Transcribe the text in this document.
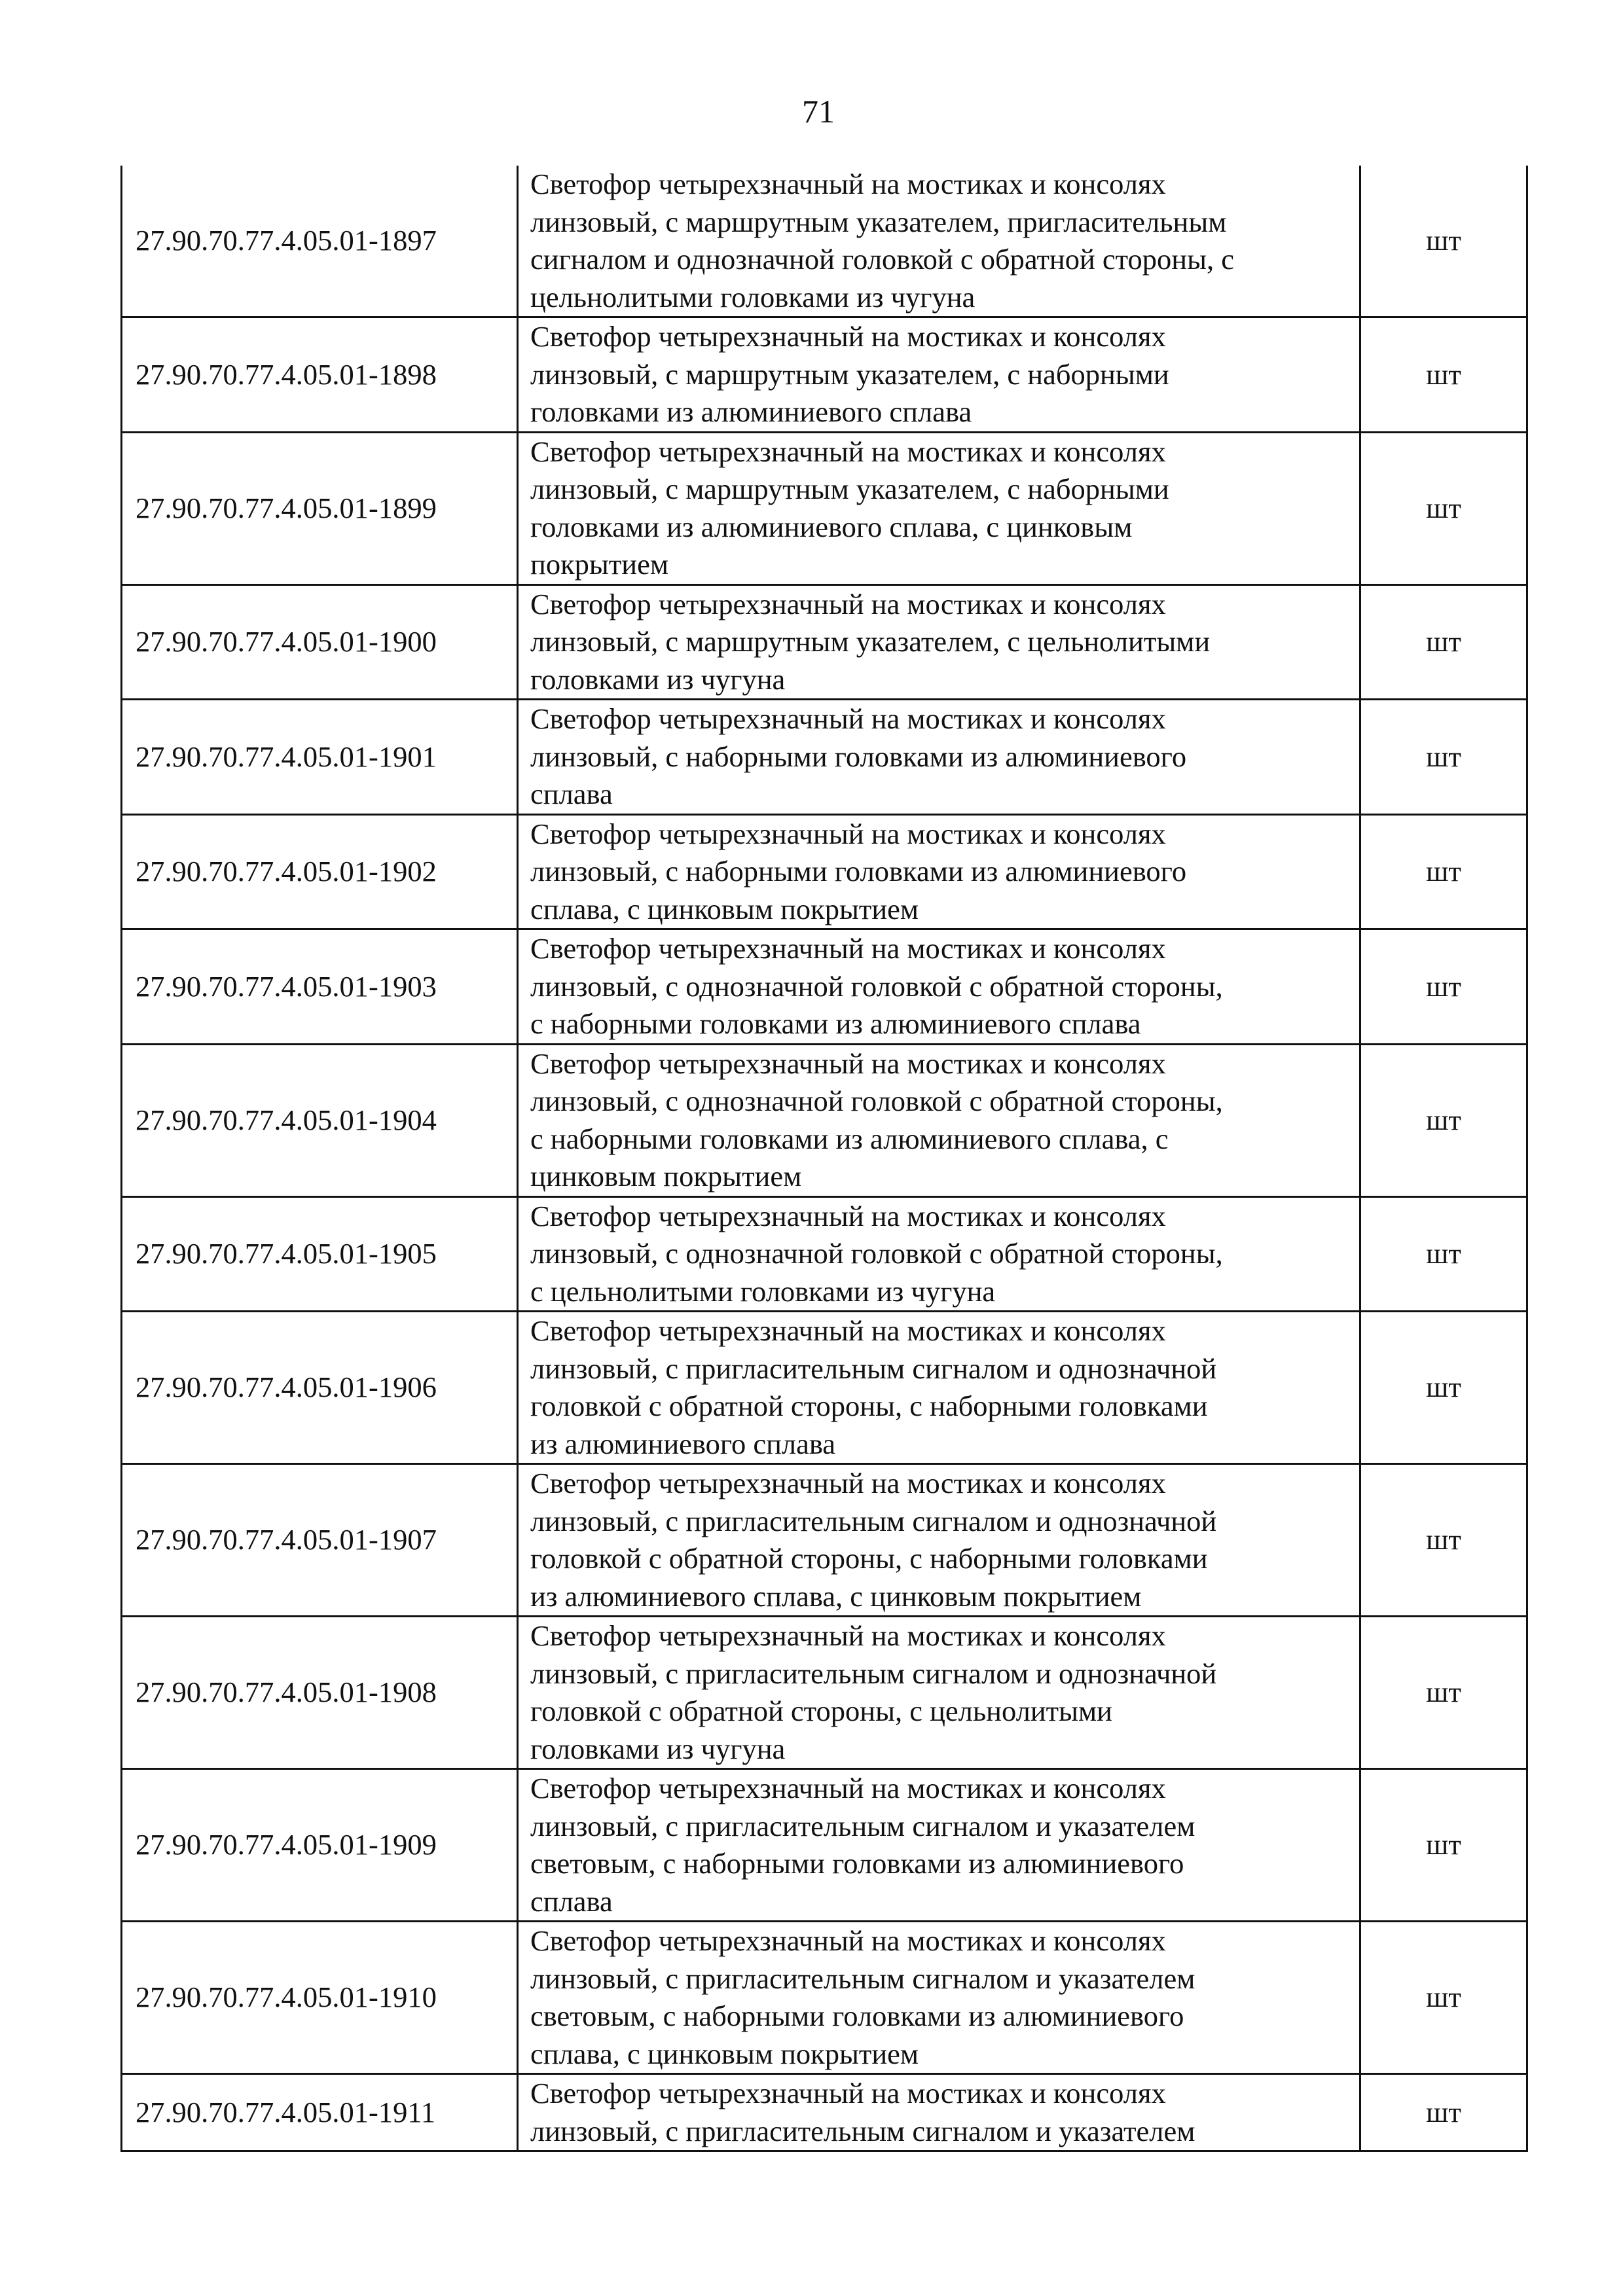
71
27.90.70.77.4.05.01-1897	Светофор четырехзначный на мостиках и консолях
линзовый, с маршрутным указателем, пригласительным
сигналом и однозначной головкой с обратной стороны, с
цельнолитыми головками из чугуна	шт
27.90.70.77.4.05.01-1898	Светофор четырехзначный на мостиках и консолях
линзовый, с маршрутным указателем, с наборными
головками из алюминиевого сплава	шт
27.90.70.77.4.05.01-1899	Светофор четырехзначный на мостиках и консолях
линзовый, с маршрутным указателем, с наборными
головками из алюминиевого сплава, с цинковым
покрытием	шт
27.90.70.77.4.05.01-1900	Светофор четырехзначный на мостиках и консолях
линзовый, с маршрутным указателем, с цельнолитыми
головками из чугуна	шт
27.90.70.77.4.05.01-1901	Светофор четырехзначный на мостиках и консолях
линзовый, с наборными головками из алюминиевого
сплава	шт
27.90.70.77.4.05.01-1902	Светофор четырехзначный на мостиках и консолях
линзовый, с наборными головками из алюминиевого
сплава, с цинковым покрытием	шт
27.90.70.77.4.05.01-1903	Светофор четырехзначный на мостиках и консолях
линзовый, с однозначной головкой с обратной стороны,
с наборными головками из алюминиевого сплава	шт
27.90.70.77.4.05.01-1904	Светофор четырехзначный на мостиках и консолях
линзовый, с однозначной головкой с обратной стороны,
с наборными головками из алюминиевого сплава, с
цинковым покрытием	шт
27.90.70.77.4.05.01-1905	Светофор четырехзначный на мостиках и консолях
линзовый, с однозначной головкой с обратной стороны,
с цельнолитыми головками из чугуна	шт
27.90.70.77.4.05.01-1906	Светофор четырехзначный на мостиках и консолях
линзовый, с пригласительным сигналом и однозначной
головкой с обратной стороны, с наборными головками
из алюминиевого сплава	шт
27.90.70.77.4.05.01-1907	Светофор четырехзначный на мостиках и консолях
линзовый, с пригласительным сигналом и однозначной
головкой с обратной стороны, с наборными головками
из алюминиевого сплава, с цинковым покрытием	шт
27.90.70.77.4.05.01-1908	Светофор четырехзначный на мостиках и консолях
линзовый, с пригласительным сигналом и однозначной
головкой с обратной стороны, с цельнолитыми
головками из чугуна	шт
27.90.70.77.4.05.01-1909	Светофор четырехзначный на мостиках и консолях
линзовый, с пригласительным сигналом и указателем
световым, с наборными головками из алюминиевого
сплава	шт
27.90.70.77.4.05.01-1910	Светофор четырехзначный на мостиках и консолях
линзовый, с пригласительным сигналом и указателем
световым, с наборными головками из алюминиевого
сплава, с цинковым покрытием	шт
27.90.70.77.4.05.01-1911	Светофор четырехзначный на мостиках и консолях
линзовый, с пригласительным сигналом и указателем	шт
